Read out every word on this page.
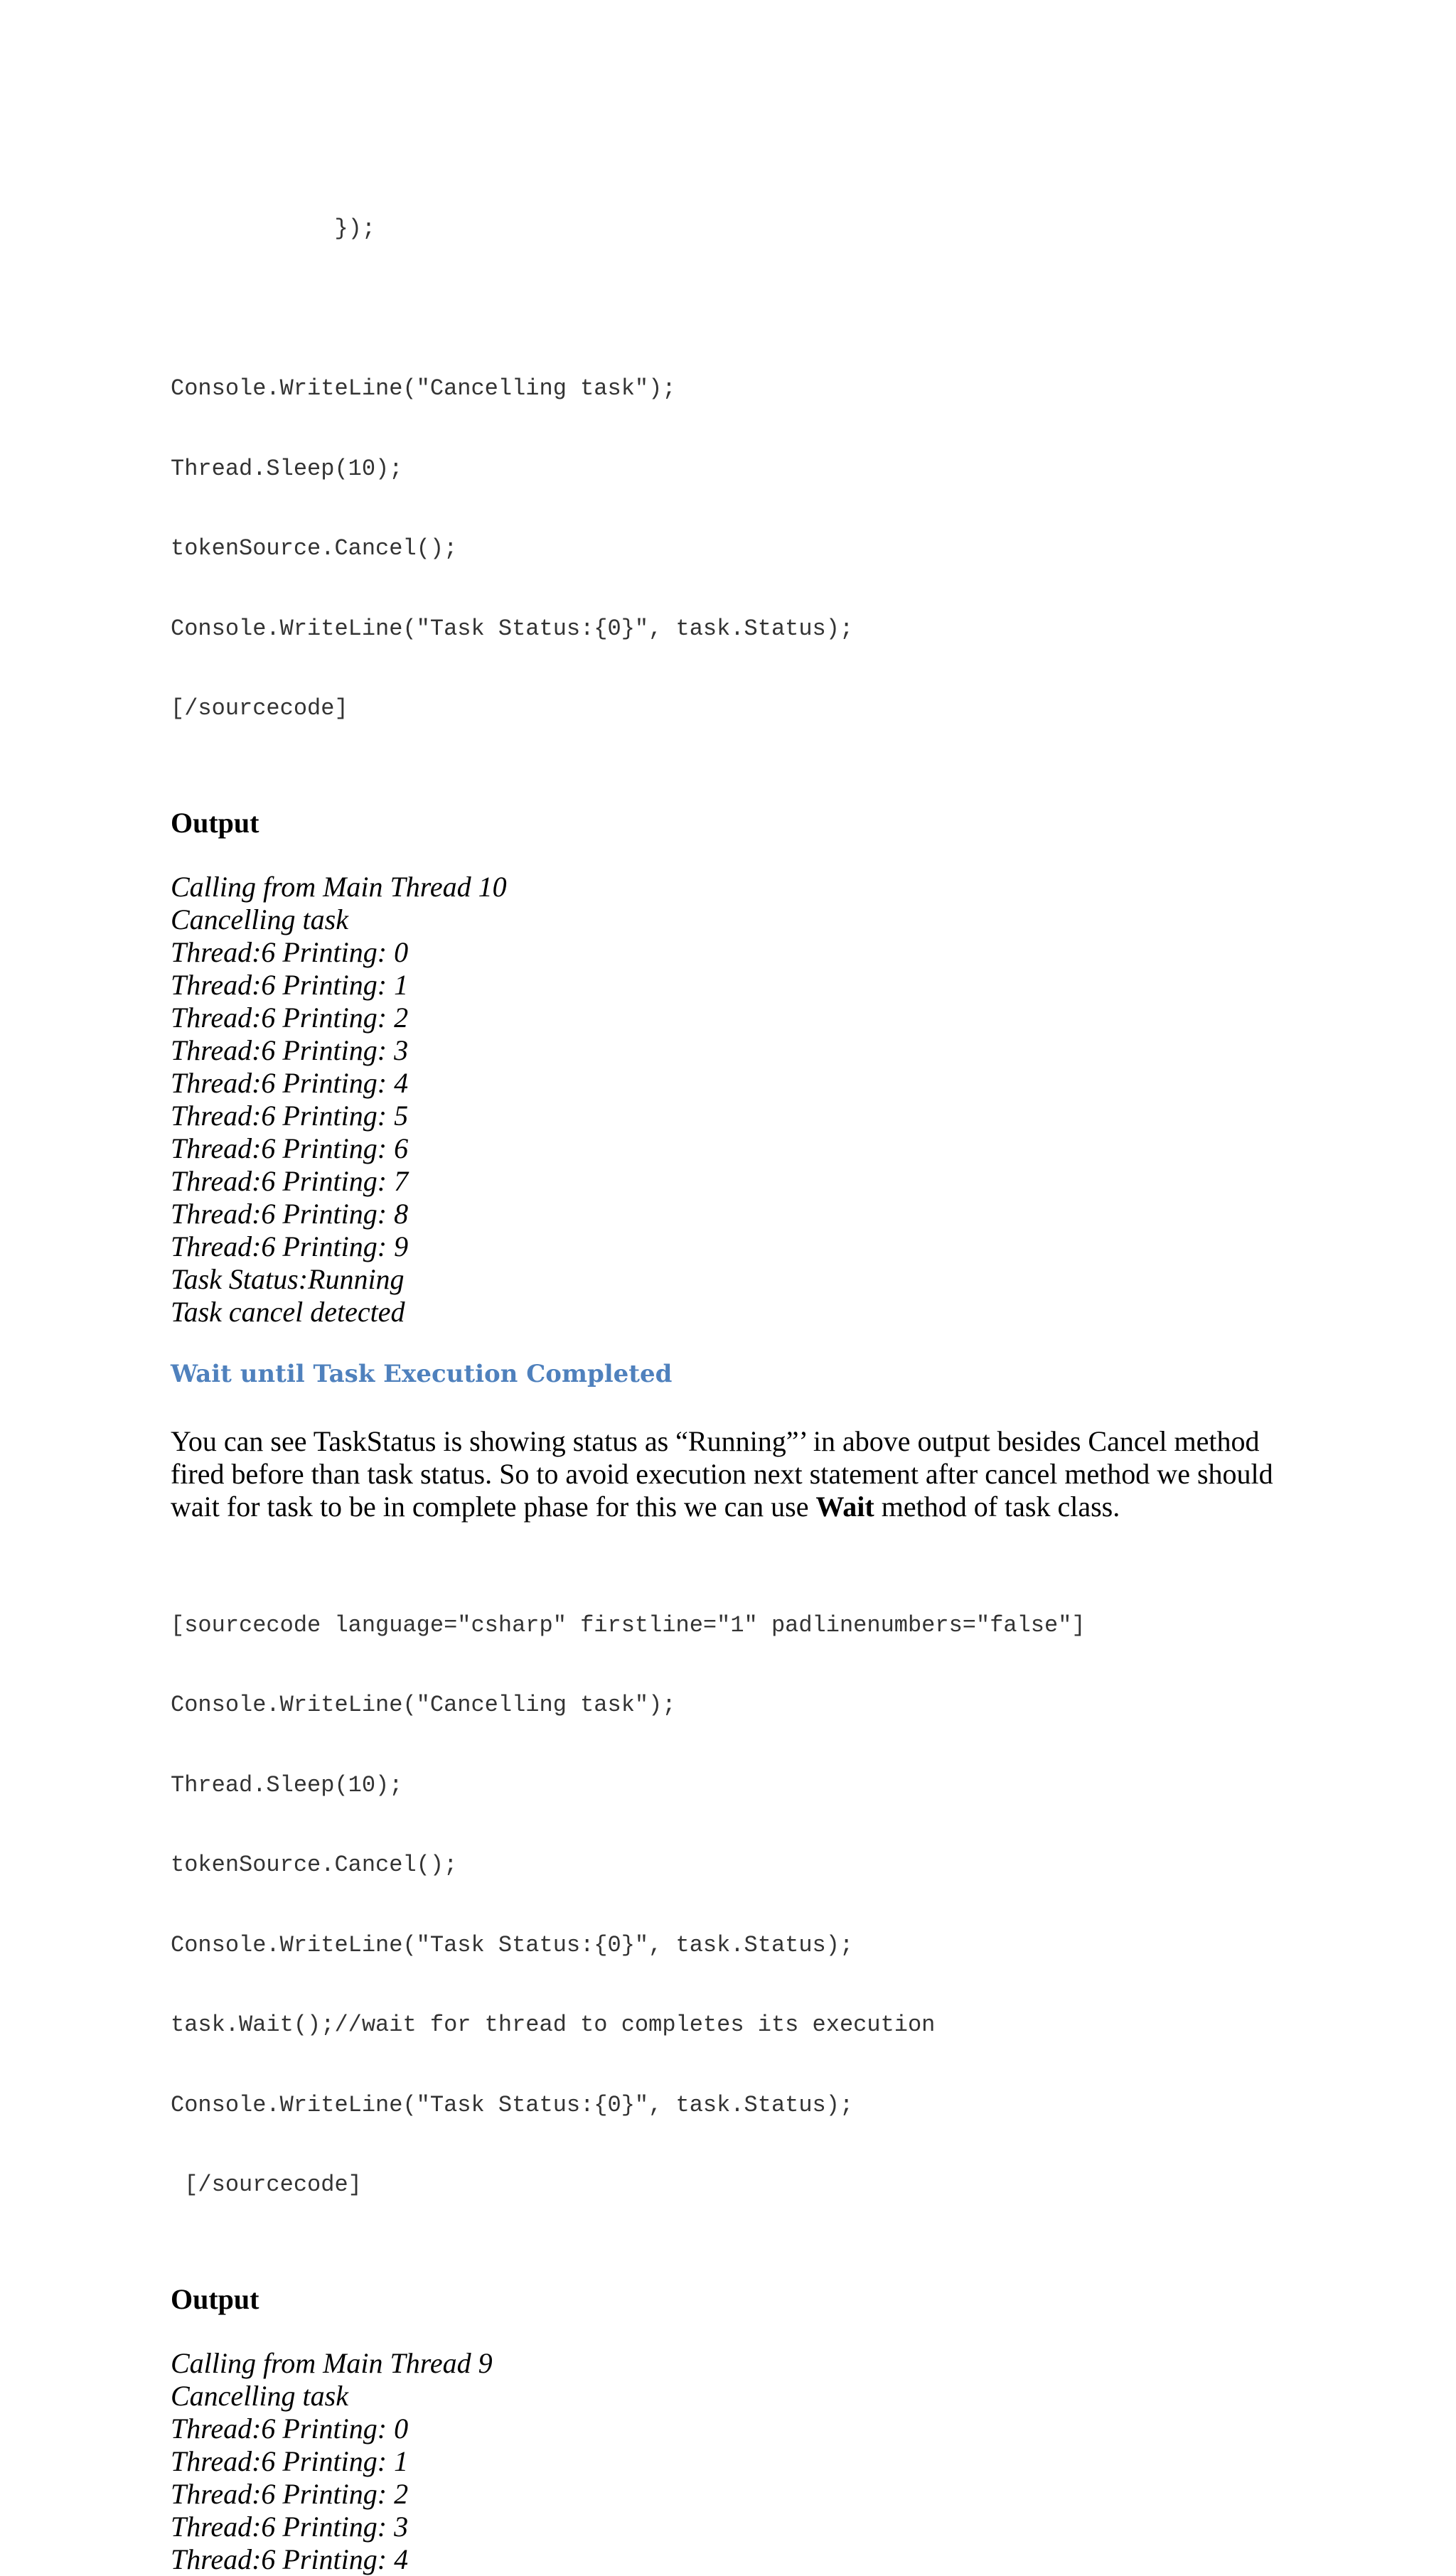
});

Console.WriteLine("Cancelling task");

Thread.Sleep(10);

tokenSource.Cancel();

Console.WriteLine("Task Status:{0}", task.Status);

[/sourcecode]

Output
Calling from Main Thread 10
Cancelling task
Thread:6 Printing: 0
Thread:6 Printing: 1
Thread:6 Printing: 2
Thread:6 Printing: 3
Thread:6 Printing: 4
Thread:6 Printing: 5
Thread:6 Printing: 6
Thread:6 Printing: 7
Thread:6 Printing: 8
Thread:6 Printing: 9
Task Status:Running
Task cancel detected
Wait until Task Execution Completed
You can see TaskStatus is showing status as “Running”’ in above output besides Cancel method
fired before than task status. So to avoid execution next statement after cancel method we should
wait for task to be in complete phase for this we can use Wait method of task class.

[sourcecode language="csharp" firstline="1" padlinenumbers="false"]

Console.WriteLine("Cancelling task");

Thread.Sleep(10);

tokenSource.Cancel();

Console.WriteLine("Task Status:{0}", task.Status);

task.Wait();//wait for thread to completes its execution

Console.WriteLine("Task Status:{0}", task.Status);

[/sourcecode]

Output
Calling from Main Thread 9
Cancelling task
Thread:6 Printing: 0
Thread:6 Printing: 1
Thread:6 Printing: 2
Thread:6 Printing: 3
Thread:6 Printing: 4
